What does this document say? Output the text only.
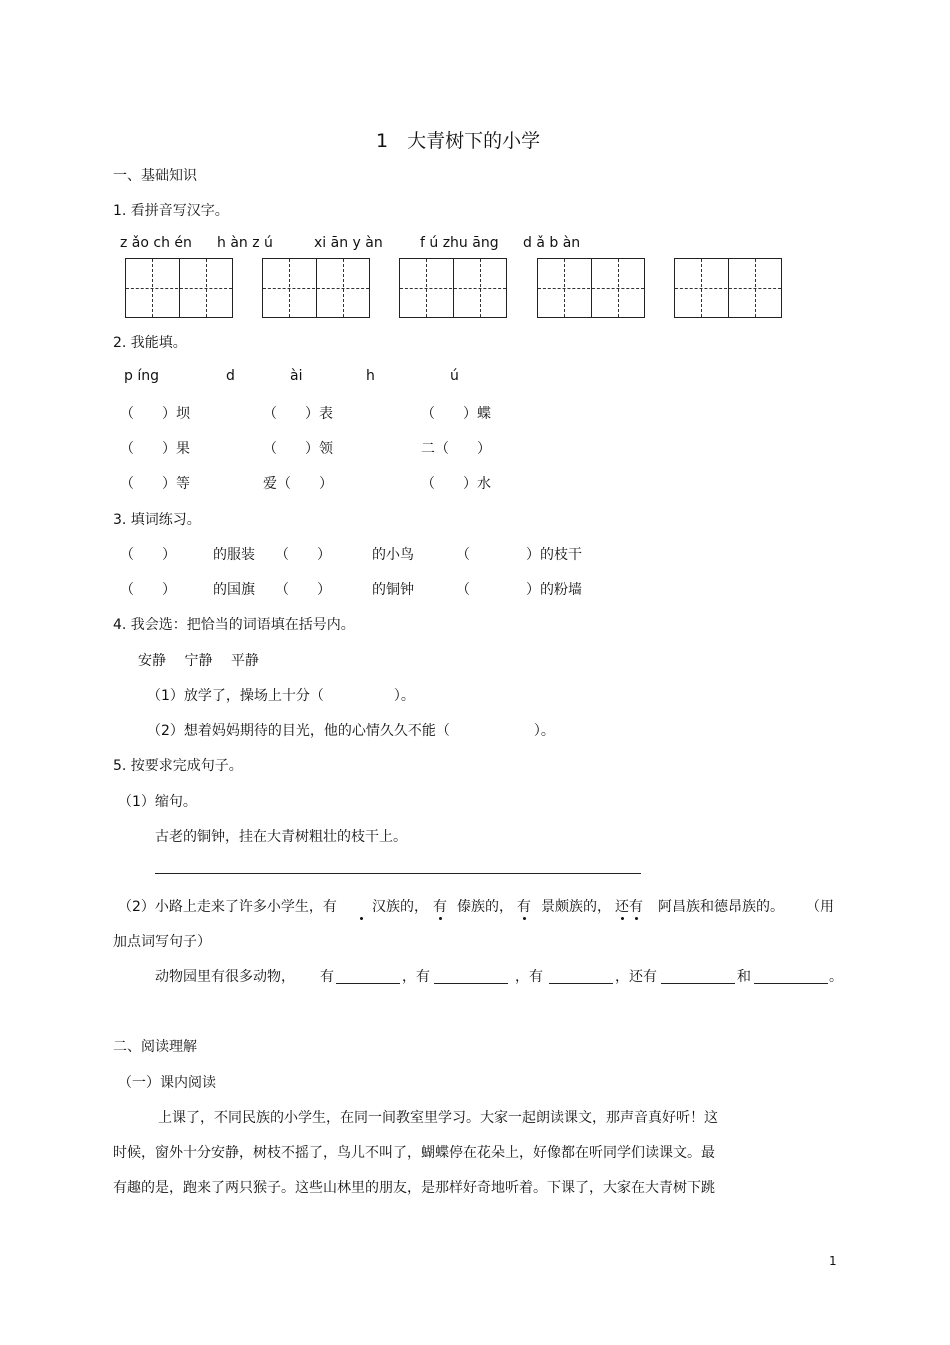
1　大青树下的小学
一、基础知识
1. 看拼音写汉字。
z ǎo ch én h àn z ú	xi ān y àn	f ú zhu āng d ǎ b àn
2. 我能填。
p íng	d	ài	h	ú
（　　）坝	（　　）表	（　　）蝶
（　　）果	（　　）领	二（　　）
（　　）等	爱（　　）	（　　）水
3. 填词练习。
（　　）	的服装 （　　）	的小鸟	（　　　　）的枝干
（　　）	的国旗 （　　）	的铜钟	（　　　　）的粉墙
4. 我会选：把恰当的词语填在括号内。
安静　 宁静　 平静
（1）放学了，操场上十分（　　　　　）。
（2）想着妈妈期待的目光，他的心情久久不能（　　　　　　）。
5. 按要求完成句子。
（1）缩句。
古老的铜钟，挂在大青树粗壮的枝干上。
（2）小路上走来了许多小学生，有	汉族的， 有 傣族的， 有 景颇族的， 还有 阿昌族和德昂族的。 （用
加点词写句子）
动物园里有很多动物， 有	，有	，有	，还有	和	。
二、阅读理解
（一）课内阅读
上课了，不同民族的小学生，在同一间教室里学习。大家一起朗读课文，那声音真好听！这
时候，窗外十分安静，树枝不摇了，鸟儿不叫了，蝴蝶停在花朵上，好像都在听同学们读课文。最
有趣的是，跑来了两只猴子。这些山林里的朋友，是那样好奇地听着。下课了，大家在大青树下跳
1
